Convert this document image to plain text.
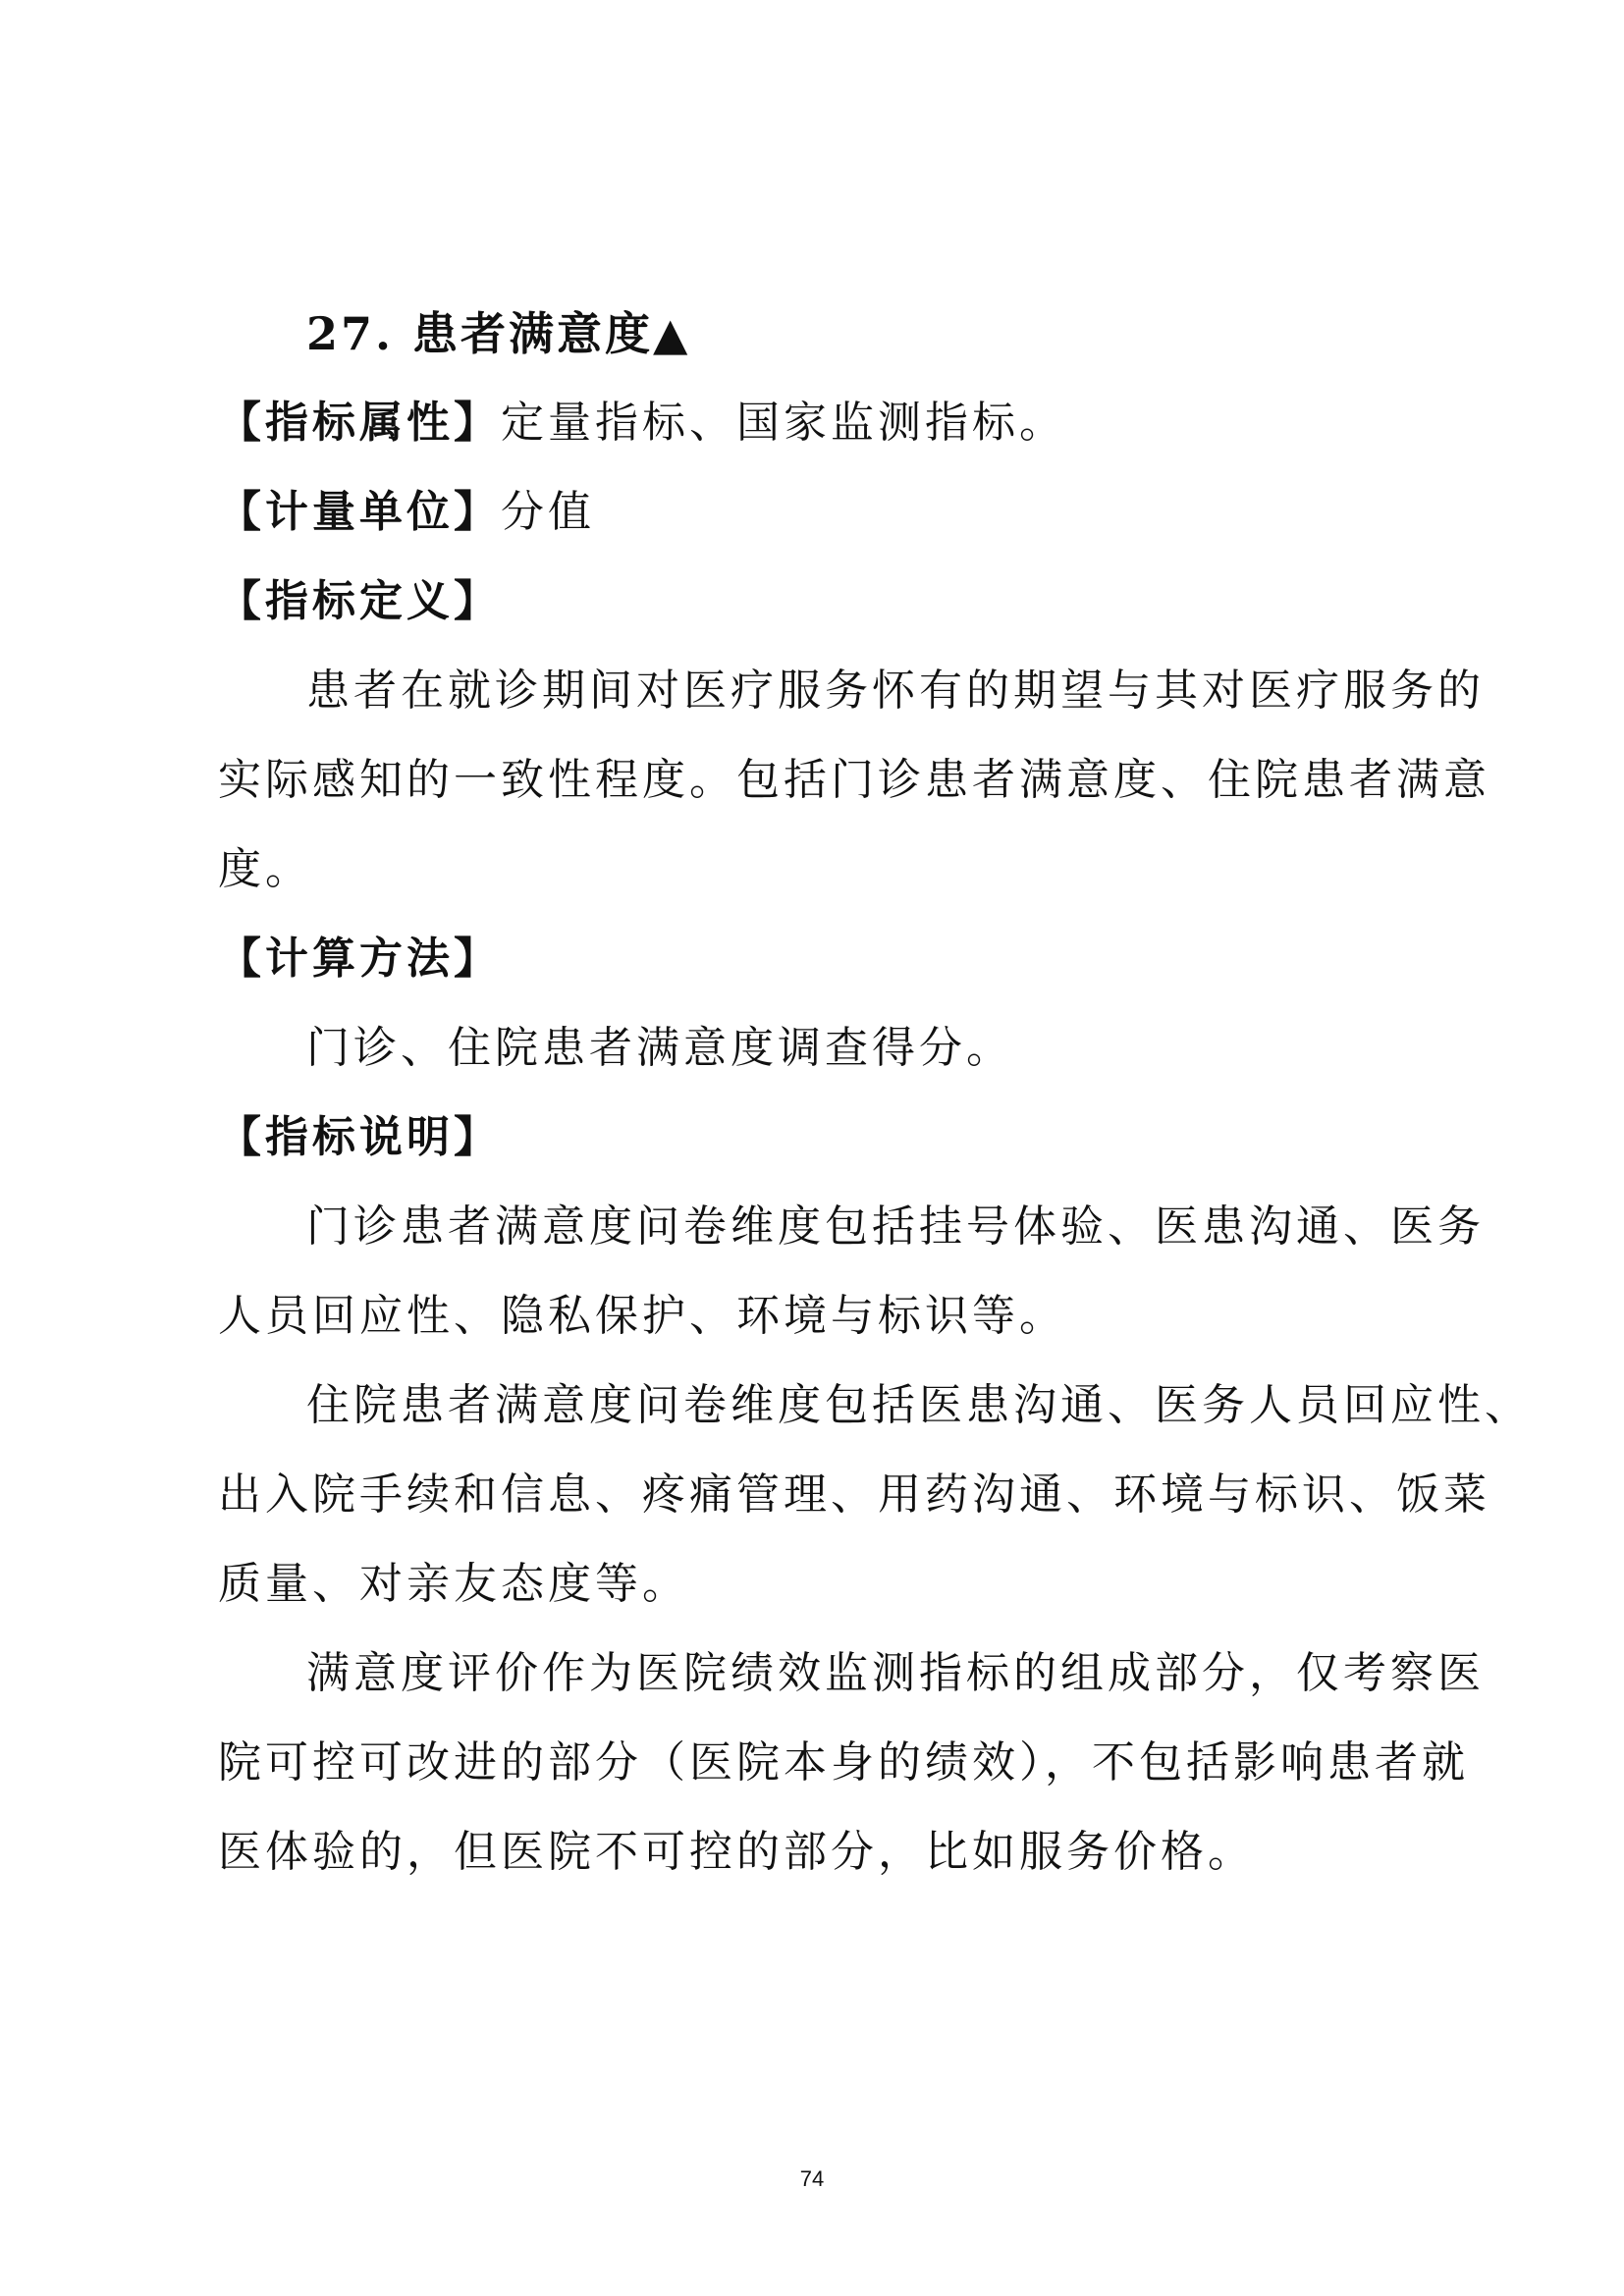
27. 患者满意度▲
【指标属性】定量指标、国家监测指标。
【计量单位】分值
【指标定义】
患者在就诊期间对医疗服务怀有的期望与其对医疗服务的
实际感知的一致性程度。包括门诊患者满意度、住院患者满意
度。
【计算方法】
门诊、住院患者满意度调查得分。
【指标说明】
门诊患者满意度问卷维度包括挂号体验、医患沟通、医务
人员回应性、隐私保护、环境与标识等。
住院患者满意度问卷维度包括医患沟通、医务人员回应性、
出入院手续和信息、疼痛管理、用药沟通、环境与标识、饭菜
质量、对亲友态度等。
满意度评价作为医院绩效监测指标的组成部分，仅考察医
院可控可改进的部分（医院本身的绩效），不包括影响患者就
医体验的，但医院不可控的部分，比如服务价格。
74
